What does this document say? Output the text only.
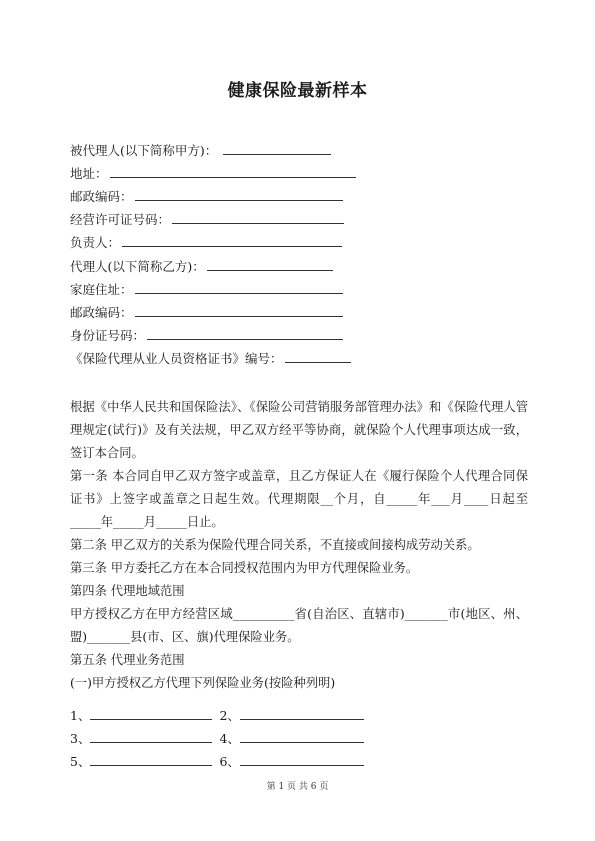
健康保险最新样本
被代理人(以下简称甲方)：
地址：
邮政编码：
经营许可证号码：
负责人：
代理人(以下简称乙方)：
家庭住址：
邮政编码：
身份证号码：
《保险代理从业人员资格证书》编号：

根据《中华人民共和国保险法》、《保险公司营销服务部管理办法》和《保险代理人管理规定(试行)》及有关法规，甲乙双方经平等协商，就保险个人代理事项达成一致，签订本合同。

第一条 本合同自甲乙双方签字或盖章，且乙方保证人在《履行保险个人代理合同保证书》上签字或盖章之日起生效。代理期限__个月，自_____年___月____日起至_____年_____月_____日止。

第二条 甲乙双方的关系为保险代理合同关系，不直接或间接构成劳动关系。

第三条 甲方委托乙方在本合同授权范围内为甲方代理保险业务。

第四条 代理地域范围

甲方授权乙方在甲方经营区域__________省(自治区、直辖市)_______市(地区、州、盟)_______县(市、区、旗)代理保险业务。

第五条 代理业务范围

(一)甲方授权乙方代理下列保险业务(按险种列明)

1、	2、
3、	4、
5、	6、
第 1 页 共 6 页
